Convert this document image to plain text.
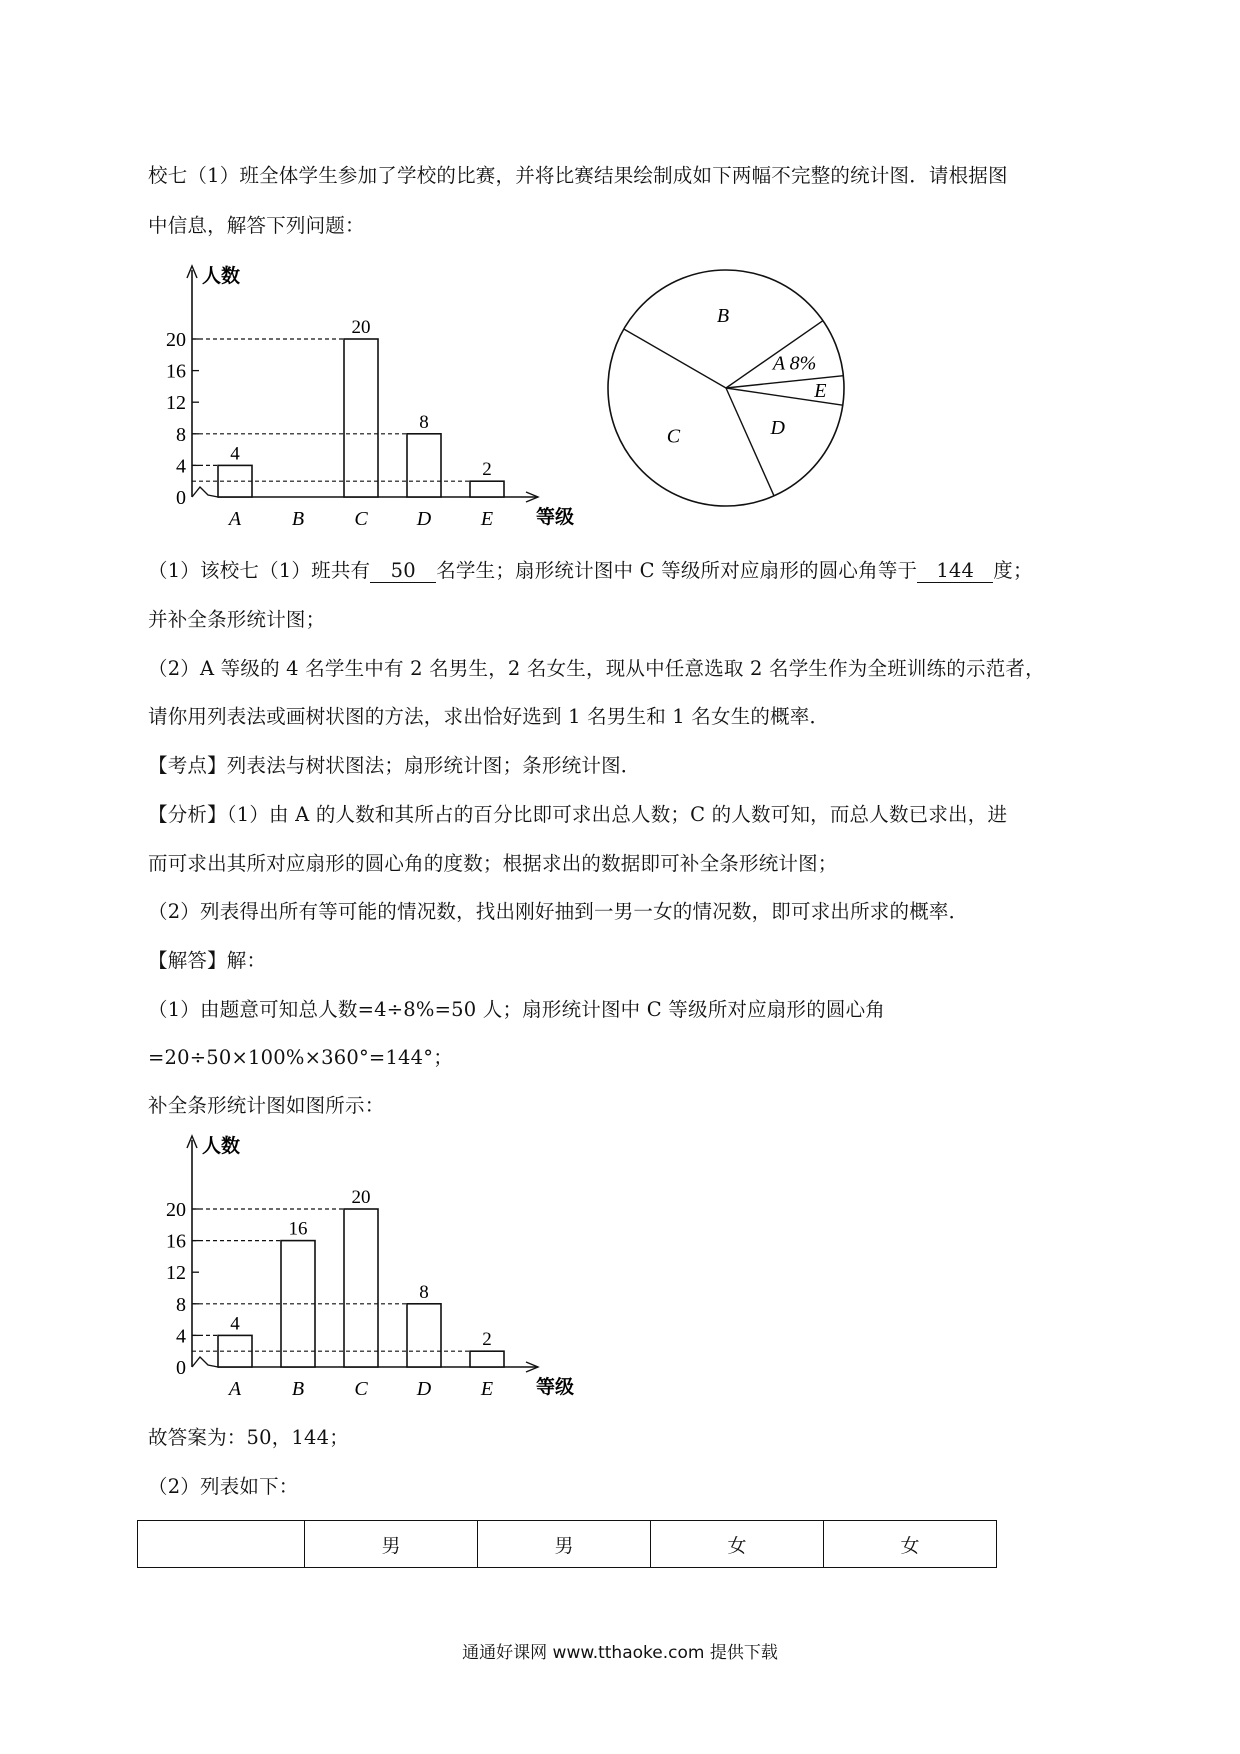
校七（1）班全体学生参加了学校的比赛，并将比赛结果绘制成如下两幅不完整的统计图．请根据图
中信息，解答下列问题：
0
4
8
12
16
20
人数
等级
4
A	B
20
C
8
D
2
E
B
A 8%
E
D
C
（1）该校七（1）班共有 50 名学生；扇形统计图中 C 等级所对应扇形的圆心角等于 144 度；
并补全条形统计图；
（2）A 等级的 4 名学生中有 2 名男生，2 名女生，现从中任意选取 2 名学生作为全班训练的示范者，
请你用列表法或画树状图的方法，求出恰好选到 1 名男生和 1 名女生的概率．
【考点】列表法与树状图法；扇形统计图；条形统计图．
【分析】（1）由 A 的人数和其所占的百分比即可求出总人数；C 的人数可知，而总人数已求出，进
而可求出其所对应扇形的圆心角的度数；根据求出的数据即可补全条形统计图；
（2）列表得出所有等可能的情况数，找出刚好抽到一男一女的情况数，即可求出所求的概率．
【解答】解：
（1）由题意可知总人数=4÷8%=50 人；扇形统计图中 C 等级所对应扇形的圆心角
=20÷50×100%×360°=144°；
补全条形统计图如图所示：
0
4
8
12
16
20
人数
等级
4
A
16
B
20
C
8
D
2
E
故答案为：50，144；
（2）列表如下：
	男	男	女	女
通通好课网 www.tthaoke.com 提供下载
